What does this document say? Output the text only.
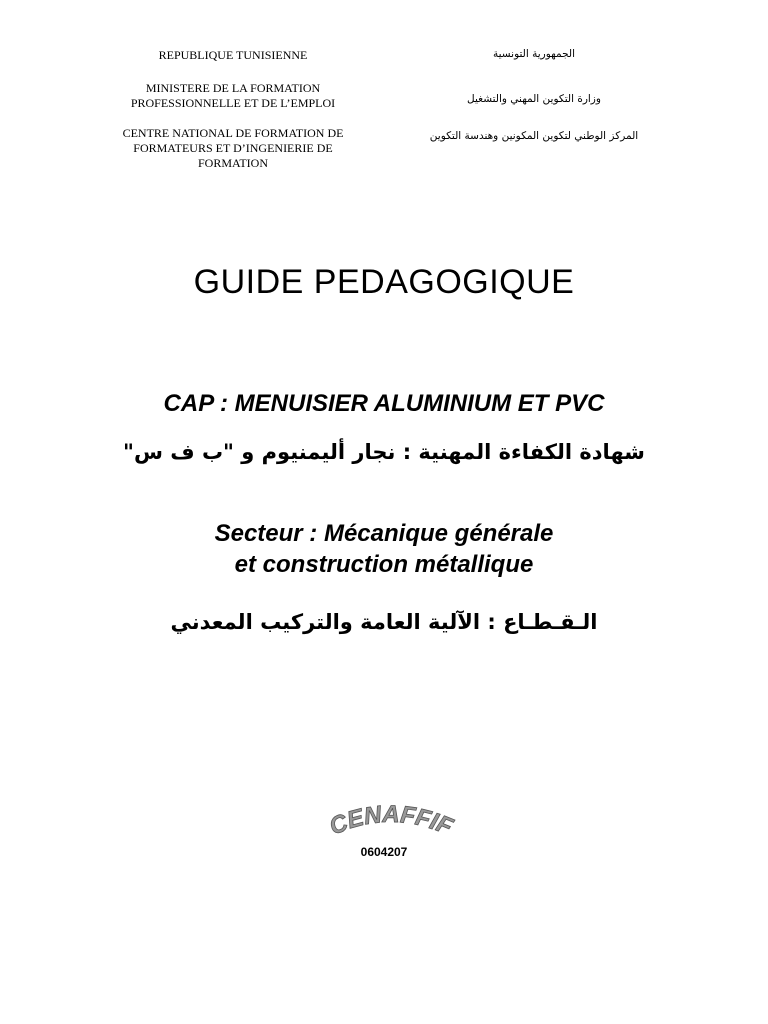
REPUBLIQUE TUNISIENNE
MINISTERE DE LA FORMATION
PROFESSIONNELLE ET DE L’EMPLOI
CENTRE NATIONAL DE FORMATION DE
FORMATEURS ET D’INGENIERIE DE
FORMATION
الجمهورية التونسية
وزارة التكوين المهني والتشغيل
المركز الوطني لتكوين المكونين وهندسة التكوين
GUIDE PEDAGOGIQUE
CAP : MENUISIER ALUMINIUM ET PVC
شهادة الكفاءة المهنية : نجار أليمنيوم و "ب ف س"
Secteur : Mécanique générale
et construction métallique
الـقـطـاع : الآلية العامة والتركيب المعدني
CENAFFIF
0604207
